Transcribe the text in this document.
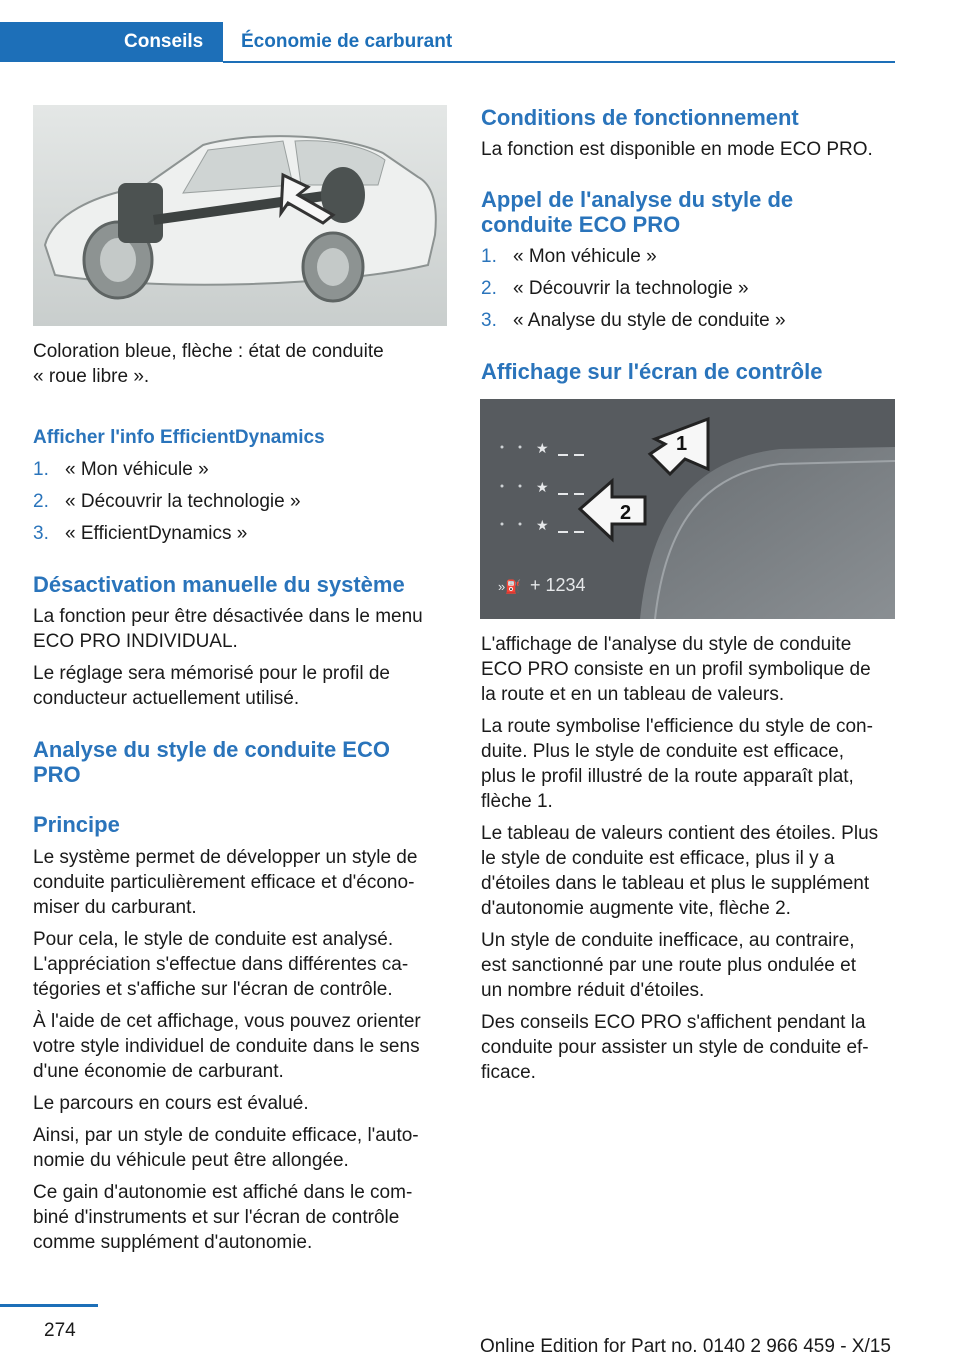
Conseils	Économie de carburant

Coloration bleue, flèche : état de conduite

« roue libre ».

Afficher l'info EfficientDynamics

1. « Mon véhicule »
2. « Découvrir la technologie »
3. « EfficientDynamics »

Désactivation manuelle du système

La fonction peur être désactivée dans le menu

ECO PRO INDIVIDUAL.

Le réglage sera mémorisé pour le profil de

conducteur actuellement utilisé.

Analyse du style de conduite ECO

PRO

Principe

Le système permet de développer un style de

conduite particulièrement efficace et d'écono‐

miser du carburant.

Pour cela, le style de conduite est analysé.

L'appréciation s'effectue dans différentes ca‐

tégories et s'affiche sur l'écran de contrôle.

À l'aide de cet affichage, vous pouvez orienter

votre style individuel de conduite dans le sens

d'une économie de carburant.

Le parcours en cours est évalué.

Ainsi, par un style de conduite efficace, l'auto‐

nomie du véhicule peut être allongée.

Ce gain d'autonomie est affiché dans le com‐

biné d'instruments et sur l'écran de contrôle

comme supplément d'autonomie.

Conditions de fonctionnement

La fonction est disponible en mode ECO PRO.

Appel de l'analyse du style de

conduite ECO PRO

1. « Mon véhicule »
2. « Découvrir la technologie »
3. « Analyse du style de conduite »

Affichage sur l'écran de contrôle

★
★
★
1
2
»⛽ + 1234

L'affichage de l'analyse du style de conduite

ECO PRO consiste en un profil symbolique de

la route et en un tableau de valeurs.

La route symbolise l'efficience du style de con‐

duite. Plus le style de conduite est efficace,

plus le profil illustré de la route apparaît plat,

flèche 1.

Le tableau de valeurs contient des étoiles. Plus

le style de conduite est efficace, plus il y a

d'étoiles dans le tableau et plus le supplément

d'autonomie augmente vite, flèche 2.

Un style de conduite inefficace, au contraire,

est sanctionné par une route plus ondulée et

un nombre réduit d'étoiles.

Des conseils ECO PRO s'affichent pendant la

conduite pour assister un style de conduite ef‐

ficace.

274
Online Edition for Part no. 0140 2 966 459 - X/15
